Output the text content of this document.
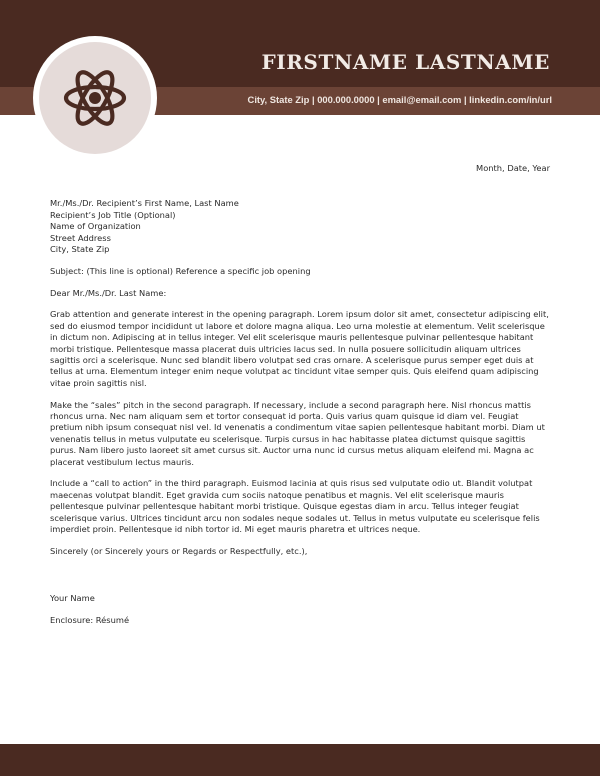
FIRSTNAME LASTNAME
City, State Zip | 000.000.0000 | email@email.com | linkedin.com/in/url

Month, Date, Year

Mr./Ms./Dr. Recipient’s First Name, Last Name
Recipient’s Job Title (Optional)
Name of Organization
Street Address
City, State Zip

Subject: (This line is optional) Reference a specific job opening

Dear Mr./Ms./Dr. Last Name:

Grab attention and generate interest in the opening paragraph. Lorem ipsum dolor sit amet, consectetur adipiscing elit, sed do eiusmod tempor incididunt ut labore et dolore magna aliqua. Leo urna molestie at elementum. Velit scelerisque in dictum non. Adipiscing at in tellus integer. Vel elit scelerisque mauris pellentesque pulvinar pellentesque habitant morbi tristique. Pellentesque massa placerat duis ultricies lacus sed. In nulla posuere sollicitudin aliquam ultrices sagittis orci a scelerisque. Nunc sed blandit libero volutpat sed cras ornare. A scelerisque purus semper eget duis at tellus at urna. Elementum integer enim neque volutpat ac tincidunt vitae semper quis. Quis eleifend quam adipiscing vitae proin sagittis nisl.

Make the “sales” pitch in the second paragraph. If necessary, include a second paragraph here. Nisl rhoncus mattis rhoncus urna. Nec nam aliquam sem et tortor consequat id porta. Quis varius quam quisque id diam vel. Feugiat pretium nibh ipsum consequat nisl vel. Id venenatis a condimentum vitae sapien pellentesque habitant morbi. Diam ut venenatis tellus in metus vulputate eu scelerisque. Turpis cursus in hac habitasse platea dictumst quisque sagittis purus. Nam libero justo laoreet sit amet cursus sit. Auctor urna nunc id cursus metus aliquam eleifend mi. Magna ac placerat vestibulum lectus mauris.

Include a “call to action” in the third paragraph. Euismod lacinia at quis risus sed vulputate odio ut. Blandit volutpat maecenas volutpat blandit. Eget gravida cum sociis natoque penatibus et magnis. Vel elit scelerisque mauris pellentesque pulvinar pellentesque habitant morbi tristique. Quisque egestas diam in arcu. Tellus integer feugiat scelerisque varius. Ultrices tincidunt arcu non sodales neque sodales ut. Tellus in metus vulputate eu scelerisque felis imperdiet proin. Pellentesque id nibh tortor id. Mi eget mauris pharetra et ultrices neque.

Sincerely (or Sincerely yours or Regards or Respectfully, etc.),

Your Name

Enclosure: Résumé
